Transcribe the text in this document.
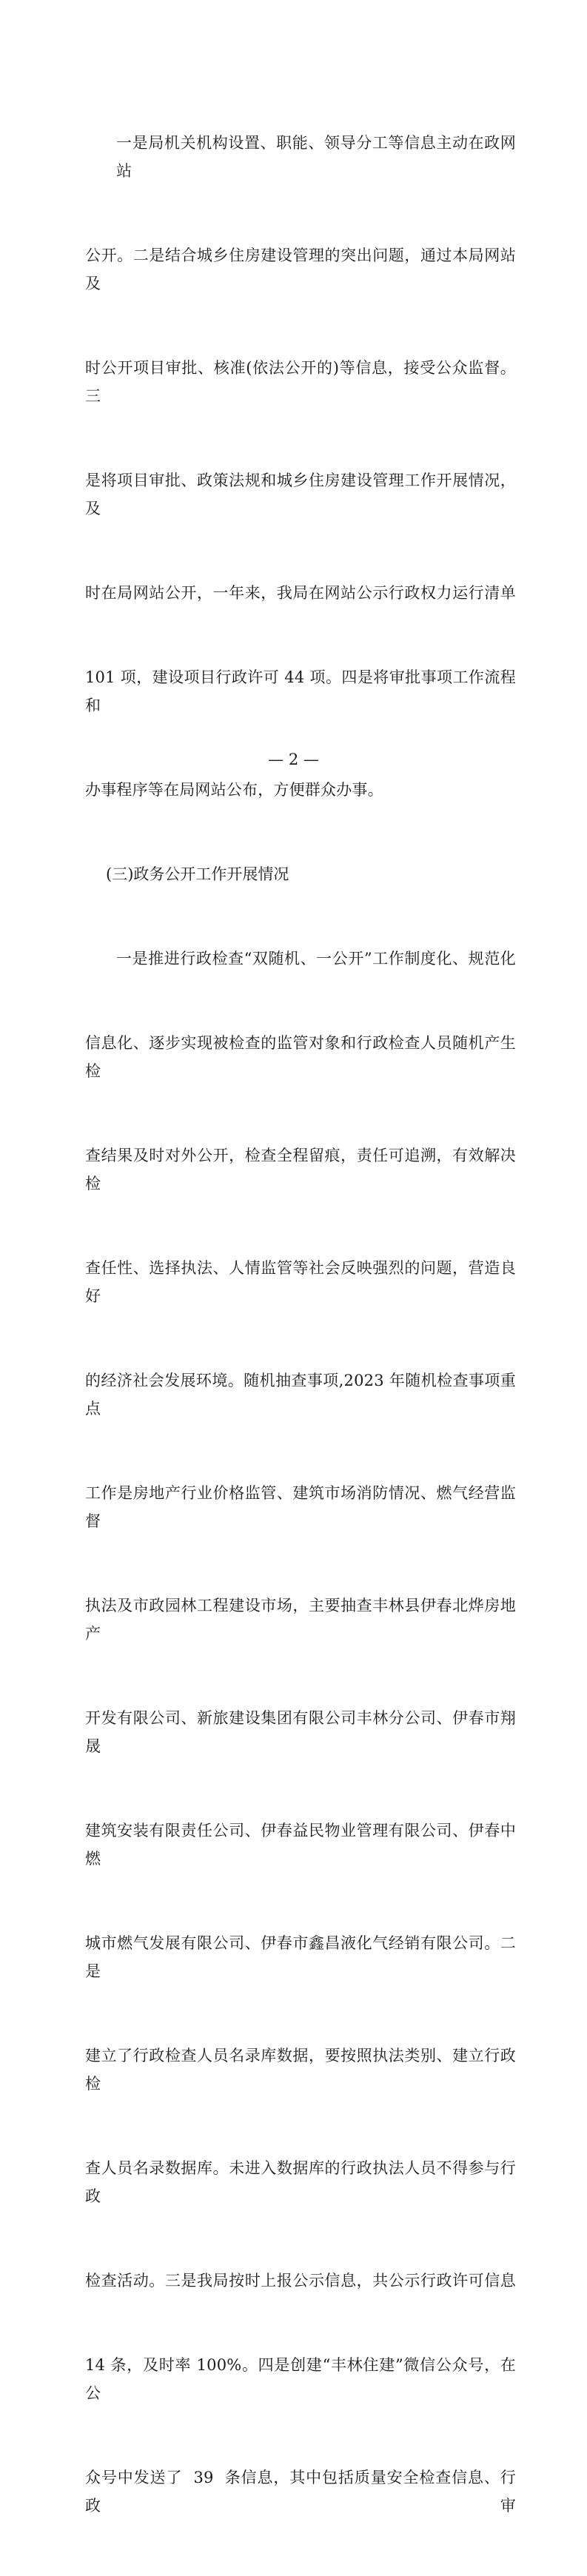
一是局机关机构设置、职能、领导分工等信息主动在政网站

公开。二是结合城乡住房建设管理的突出问题，通过本局网站及

时公开项目审批、核准(依法公开的)等信息，接受公众监督。三

是将项目审批、政策法规和城乡住房建设管理工作开展情况，及

时在局网站公开，一年来，我局在网站公示行政权力运行清单

101 项，建设项目行政许可 44 项。四是将审批事项工作流程和

办事程序等在局网站公布，方便群众办事。

(三)政务公开工作开展情况

一是推进行政检查“双随机、一公开”工作制度化、规范化

信息化、逐步实现被检查的监管对象和行政检查人员随机产生检

查结果及时对外公开，检查全程留痕，责任可追溯，有效解决检

查任性、选择执法、人情监管等社会反映强烈的问题，营造良好

的经济社会发展环境。随机抽查事项,2023 年随机检查事项重点

工作是房地产行业价格监管、建筑市场消防情况、燃气经营监督

执法及市政园林工程建设市场，主要抽查丰林县伊春北烨房地产

开发有限公司、新旅建设集团有限公司丰林分公司、伊春市翔晟

建筑安装有限责任公司、伊春益民物业管理有限公司、伊春中燃

城市燃气发展有限公司、伊春市鑫昌液化气经销有限公司。二是

建立了行政检查人员名录库数据，要按照执法类别、建立行政检

查人员名录数据库。未进入数据库的行政执法人员不得参与行政

检查活动。三是我局按时上报公示信息，共公示行政许可信息

14 条，及时率 100%。四是创建“丰林住建”微信公众号，在公

众号中发送了  39  条信息，其中包括质量安全检查信息、行政审

— 2 —
